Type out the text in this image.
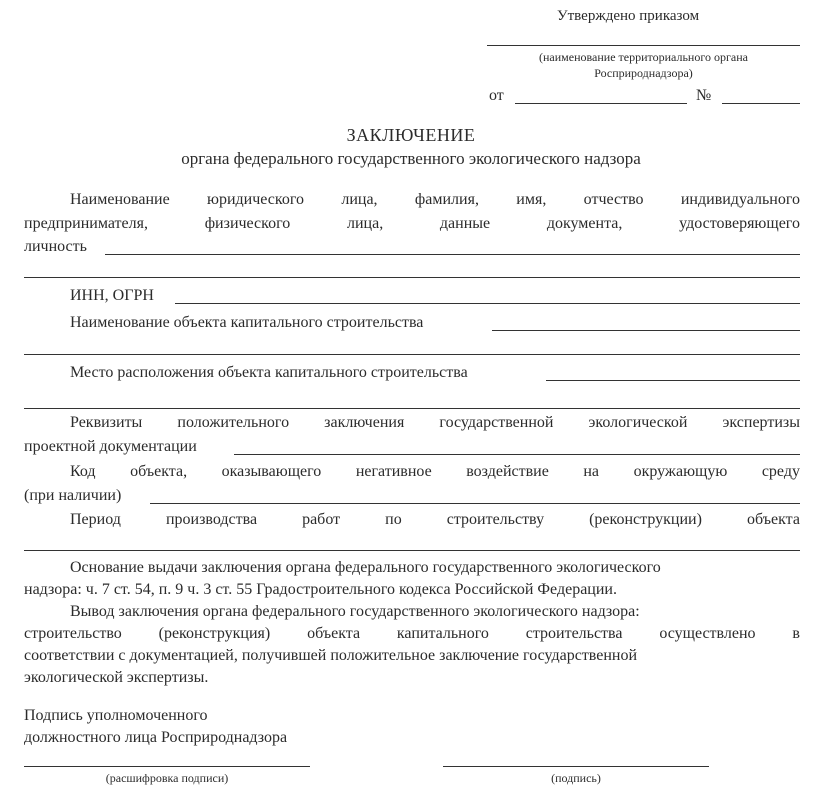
Утверждено приказом
(наименование территориального органа
Росприроднадзора)
от	№
ЗАКЛЮЧЕНИЕ
органа федерального государственного экологического надзора
Наименование юридического лица, фамилия, имя, отчество индивидуального
предпринимателя,	физического	лица,	данные	документа,	удостоверяющего
личность
ИНН, ОГРН
Наименование объекта капитального строительства
Место расположения объекта капитального строительства
Реквизиты положительного заключения государственной экологической экспертизы
проектной документации
Код объекта, оказывающего негативное воздействие на окружающую среду
(при наличии)
Период	производства	работ	по	строительству	(реконструкции)	объекта
Основание выдачи заключения органа федерального государственного экологического
надзора: ч. 7 ст. 54, п. 9 ч. 3 ст. 55 Градостроительного кодекса Российской Федерации.
Вывод заключения органа федерального государственного экологического надзора:
строительство (реконструкция) объекта капитального строительства осуществлено в
соответствии с документацией, получившей положительное заключение государственной
экологической экспертизы.
Подпись уполномоченного
должностного лица Росприроднадзора
(расшифровка подписи)	(подпись)
